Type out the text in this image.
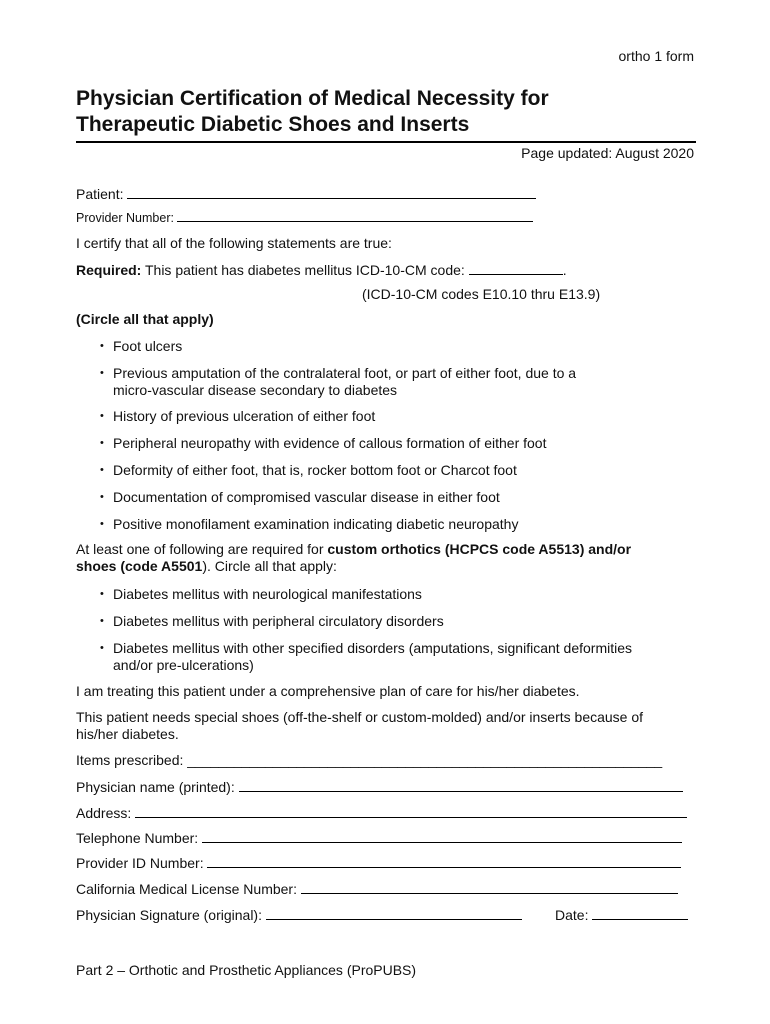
ortho 1 form
Physician Certification of Medical Necessity for
Therapeutic Diabetic Shoes and Inserts
Page updated: August 2020
Patient:
Provider Number:
I certify that all of the following statements are true:
Required: This patient has diabetes mellitus ICD-10-CM code:	.
(ICD-10-CM codes E10.10 thru E13.9)
(Circle all that apply)
• Foot ulcers
• Previous amputation of the contralateral foot, or part of either foot, due to a
micro-vascular disease secondary to diabetes
• History of previous ulceration of either foot
• Peripheral neuropathy with evidence of callous formation of either foot
• Deformity of either foot, that is, rocker bottom foot or Charcot foot
• Documentation of compromised vascular disease in either foot
• Positive monofilament examination indicating diabetic neuropathy
At least one of following are required for custom orthotics (HCPCS code A5513) and/or
shoes (code A5501). Circle all that apply:
• Diabetes mellitus with neurological manifestations
• Diabetes mellitus with peripheral circulatory disorders
• Diabetes mellitus with other specified disorders (amputations, significant deformities
and/or pre-ulcerations)
I am treating this patient under a comprehensive plan of care for his/her diabetes.
This patient needs special shoes (off-the-shelf or custom-molded) and/or inserts because of
his/her diabetes.
Items prescribed: _____________________________________________________________
Physician name (printed):
Address:
Telephone Number:
Provider ID Number:
California Medical License Number:
Physician Signature (original):	Date:
Part 2 – Orthotic and Prosthetic Appliances (ProPUBS)
